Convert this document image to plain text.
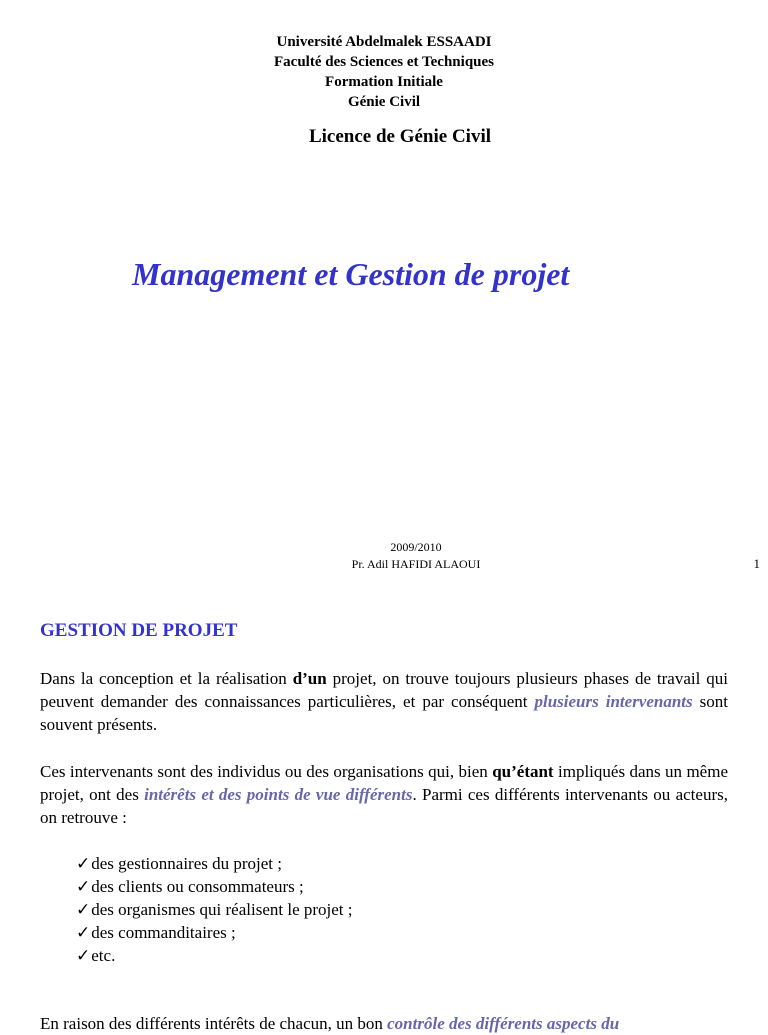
Université Abdelmalek ESSAADI
Faculté des Sciences et Techniques
Formation Initiale
Génie Civil
Licence de Génie Civil
Management et Gestion de projet
2009/2010
Pr. Adil HAFIDI ALAOUI	1
GESTION DE PROJET
Dans la conception et la réalisation d’un projet, on trouve toujours plusieurs phases de travail qui peuvent demander des connaissances particulières, et par conséquent plusieurs intervenants sont souvent présents.
Ces intervenants sont des individus ou des organisations qui, bien qu’étant impliqués dans un même projet, ont des intérêts et des points de vue différents. Parmi ces différents intervenants ou acteurs, on retrouve :
✓des gestionnaires du projet ;
✓des clients ou consommateurs ;
✓des organismes qui réalisent le projet ;
✓des commanditaires ;
✓etc.
En raison des différents intérêts de chacun, un bon contrôle des différents aspects du
